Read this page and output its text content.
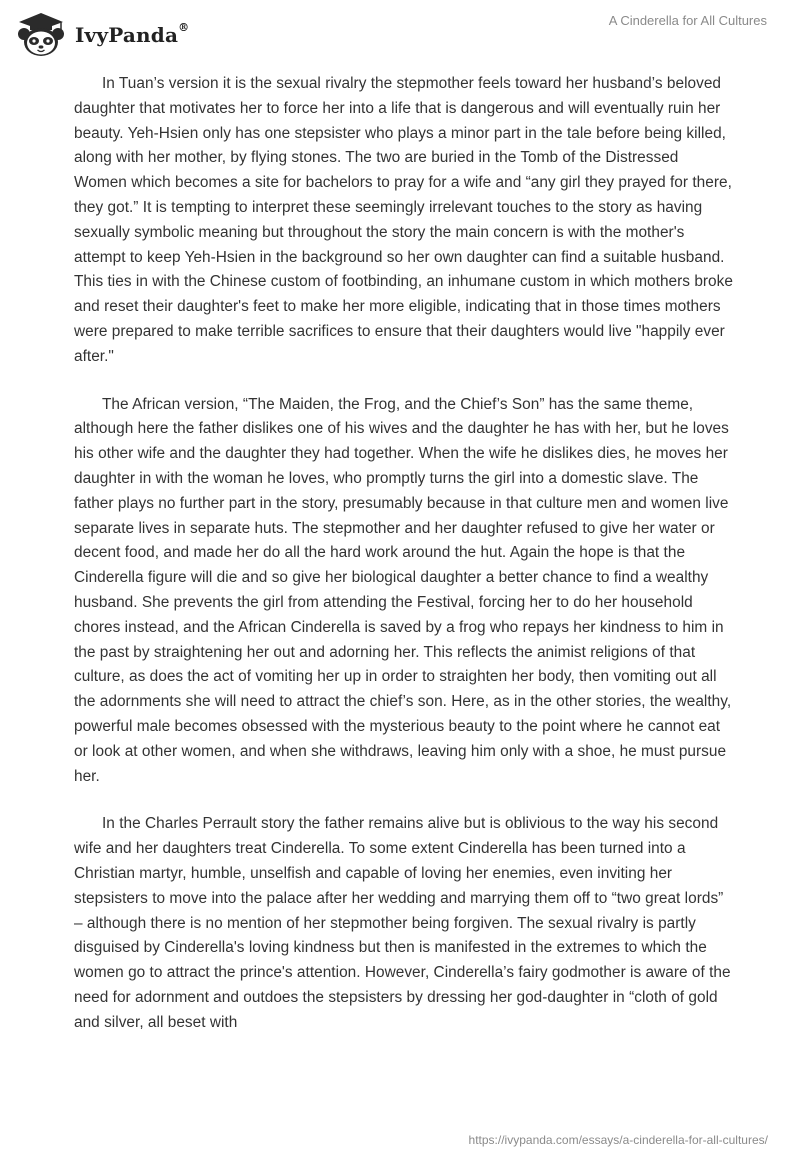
IvyPanda®	A Cinderella for All Cultures

In Tuan’s version it is the sexual rivalry the stepmother feels toward her husband’s beloved daughter that motivates her to force her into a life that is dangerous and will eventually ruin her beauty. Yeh-Hsien only has one stepsister who plays a minor part in the tale before being killed, along with her mother, by flying stones. The two are buried in the Tomb of the Distressed Women which becomes a site for bachelors to pray for a wife and “any girl they prayed for there, they got.” It is tempting to interpret these seemingly irrelevant touches to the story as having sexually symbolic meaning but throughout the story the main concern is with the mother's attempt to keep Yeh-Hsien in the background so her own daughter can find a suitable husband. This ties in with the Chinese custom of footbinding, an inhumane custom in which mothers broke and reset their daughter's feet to make her more eligible, indicating that in those times mothers were prepared to make terrible sacrifices to ensure that their daughters would live "happily ever after."

The African version, “The Maiden, the Frog, and the Chief’s Son” has the same theme, although here the father dislikes one of his wives and the daughter he has with her, but he loves his other wife and the daughter they had together. When the wife he dislikes dies, he moves her daughter in with the woman he loves, who promptly turns the girl into a domestic slave. The father plays no further part in the story, presumably because in that culture men and women live separate lives in separate huts. The stepmother and her daughter refused to give her water or decent food, and made her do all the hard work around the hut. Again the hope is that the Cinderella figure will die and so give her biological daughter a better chance to find a wealthy husband. She prevents the girl from attending the Festival, forcing her to do her household chores instead, and the African Cinderella is saved by a frog who repays her kindness to him in the past by straightening her out and adorning her. This reflects the animist religions of that culture, as does the act of vomiting her up in order to straighten her body, then vomiting out all the adornments she will need to attract the chief’s son. Here, as in the other stories, the wealthy, powerful male becomes obsessed with the mysterious beauty to the point where he cannot eat or look at other women, and when she withdraws, leaving him only with a shoe, he must pursue her.

In the Charles Perrault story the father remains alive but is oblivious to the way his second wife and her daughters treat Cinderella. To some extent Cinderella has been turned into a Christian martyr, humble, unselfish and capable of loving her enemies, even inviting her stepsisters to move into the palace after her wedding and marrying them off to “two great lords” – although there is no mention of her stepmother being forgiven. The sexual rivalry is partly disguised by Cinderella's loving kindness but then is manifested in the extremes to which the women go to attract the prince's attention. However, Cinderella’s fairy godmother is aware of the need for adornment and outdoes the stepsisters by dressing her god-daughter in “cloth of gold and silver, all beset with

https://ivypanda.com/essays/a-cinderella-for-all-cultures/
